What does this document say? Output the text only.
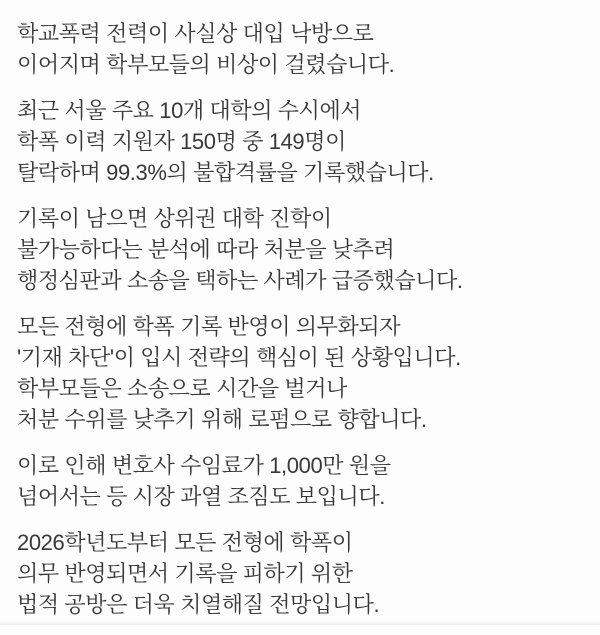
학교폭력 전력이 사실상 대입 낙방으로
이어지며 학부모들의 비상이 걸렸습니다.
최근 서울 주요 10개 대학의 수시에서
학폭 이력 지원자 150명 중 149명이
탈락하며 99.3%의 불합격률을 기록했습니다.
기록이 남으면 상위권 대학 진학이
불가능하다는 분석에 따라 처분을 낮추려
행정심판과 소송을 택하는 사례가 급증했습니다.
모든 전형에 학폭 기록 반영이 의무화되자
'기재 차단'이 입시 전략의 핵심이 된 상황입니다.
학부모들은 소송으로 시간을 벌거나
처분 수위를 낮추기 위해 로펌으로 향합니다.
이로 인해 변호사 수임료가 1,000만 원을
넘어서는 등 시장 과열 조짐도 보입니다.
2026학년도부터 모든 전형에 학폭이
의무 반영되면서 기록을 피하기 위한
법적 공방은 더욱 치열해질 전망입니다.
